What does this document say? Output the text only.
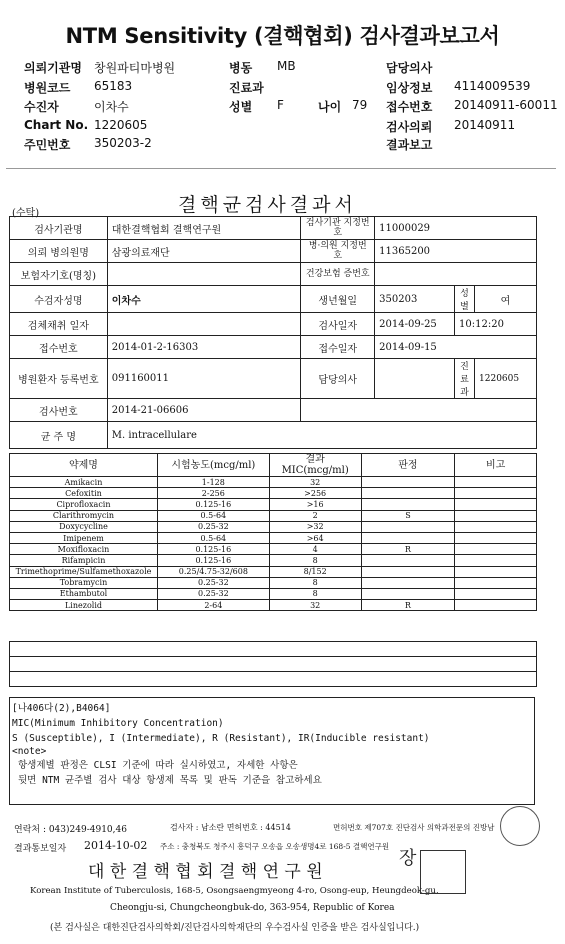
NTM Sensitivity (결핵협회) 검사결과보고서
의뢰기관명 창원파티마병원	병동 MB	담당의사
병원코드 65183	진료과	임상정보 4114009539
수진자	이차수	성별 F	나이 79 접수번호 20140911-60011
Chart No. 1220605	검사의뢰 20140911
주민번호 350203-2	결과보고
결핵균검사결과서
(수탁)
검사기관명	대한결핵협회 결핵연구원	검사기관 지정번호	11000029		
의뢰 병의원명	삼광의료재단	병·의원 지정번호	11365200		
보험자기호(명칭)		건강보험 증번호			
수검자성명	이차수	생년월일	350203	성별	여
검체채취 일자		검사일자	2014-09-25	10:12:20	
접수번호	2014-01-2-16303	접수일자	2014-09-15		
병원환자 등록번호	091160011	담당의사		진료과	1220605
검사번호	2014-21-06606				
균 주 명	M. intracellulare				
약제명	시험농도(mcg/ml)	결과 MIC(mcg/ml)	판정	비고
Amikacin	1-128	32		
Cefoxitin	2-256	>256		
Ciprofloxacin	0.125-16	>16		
Clarithromycin	0.5-64	2	S	
Doxycycline	0.25-32	>32		
Imipenem	0.5-64	>64		
Moxifloxacin	0.125-16	4	R	
Rifampicin	0.125-16	8		
Trimethoprime/Sulfamethoxazole	0.25/4.75-32/608	8/152		
Tobramycin	0.25-32	8		
Ethambutol	0.25-32	8		
Linezolid	2-64	32	R	

[나406다(2),B4064]
MIC(Minimum Inhibitory Concentration)
S (Susceptible), I (Intermediate), R (Resistant), IR(Inducible resistant)
<note>
항생제별 판정은 CLSI 기준에 따라 실시하였고, 자세한 사항은
뒷면 NTM 균주별 검사 대상 항생제 목록 및 판독 기준을 참고하세요
연락처 : 043)249-4910,46	검사자 : 남소란 면허번호 : 44514	면허번호 제707호 진단검사 의학과전문의 진방남
결과통보일자 2014-10-02 주소 : 충청북도 청주시 흥덕구 오송읍 오송생명4로 168-5 결핵연구원
대 한 결 핵 협 회 결 핵 연 구 원
Korean Institute of Tuberculosis, 168-5, Osongsaengmyeong 4-ro, Osong-eup, Heungdeok-gu,
Cheongju-si, Chungcheongbuk-do, 363-954, Republic of Korea
(본 검사실은 대한진단검사의학회/진단검사의학재단의 우수검사실 인증을 받은 검사실입니다.)
장
